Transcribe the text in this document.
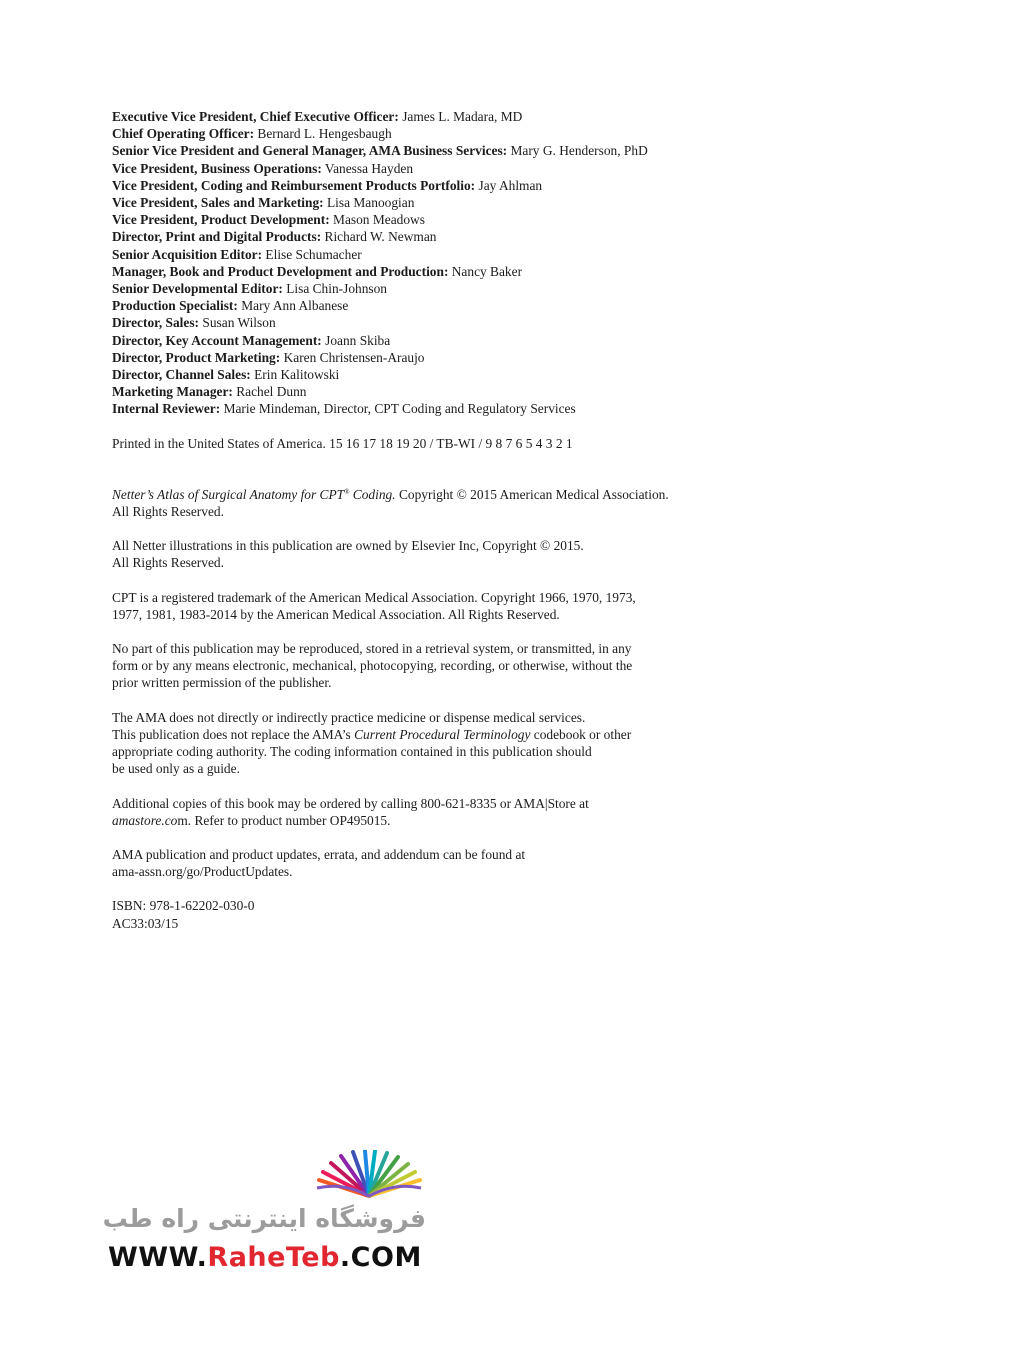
Executive Vice President, Chief Executive Officer: James L. Madara, MD
Chief Operating Officer: Bernard L. Hengesbaugh
Senior Vice President and General Manager, AMA Business Services: Mary G. Henderson, PhD
Vice President, Business Operations: Vanessa Hayden
Vice President, Coding and Reimbursement Products Portfolio: Jay Ahlman
Vice President, Sales and Marketing: Lisa Manoogian
Vice President, Product Development: Mason Meadows
Director, Print and Digital Products: Richard W. Newman
Senior Acquisition Editor: Elise Schumacher
Manager, Book and Product Development and Production: Nancy Baker
Senior Developmental Editor: Lisa Chin-Johnson
Production Specialist: Mary Ann Albanese
Director, Sales: Susan Wilson
Director, Key Account Management: Joann Skiba
Director, Product Marketing: Karen Christensen-Araujo
Director, Channel Sales: Erin Kalitowski
Marketing Manager: Rachel Dunn
Internal Reviewer: Marie Mindeman, Director, CPT Coding and Regulatory Services
Printed in the United States of America. 15 16 17 18 19 20 / TB-WI / 9 8 7 6 5 4 3 2 1
Netter’s Atlas of Surgical Anatomy for CPT® Coding. Copyright © 2015 American Medical Association.
All Rights Reserved.
All Netter illustrations in this publication are owned by Elsevier Inc, Copyright © 2015.
All Rights Reserved.
CPT is a registered trademark of the American Medical Association. Copyright 1966, 1970, 1973,
1977, 1981, 1983-2014 by the American Medical Association. All Rights Reserved.
No part of this publication may be reproduced, stored in a retrieval system, or transmitted, in any
form or by any means electronic, mechanical, photocopying, recording, or otherwise, without the
prior written permission of the publisher.
The AMA does not directly or indirectly practice medicine or dispense medical services.
This publication does not replace the AMA’s Current Procedural Terminology codebook or other
appropriate coding authority. The coding information contained in this publication should
be used only as a guide.
Additional copies of this book may be ordered by calling 800-621-8335 or AMA|Store at
amastore.com. Refer to product number OP495015.
AMA publication and product updates, errata, and addendum can be found at
ama-assn.org/go/ProductUpdates.
ISBN: 978-1-62202-030-0
AC33:03/15
فروشگاه اینترنتی راه طب
WWW.RaheTeb.COM
